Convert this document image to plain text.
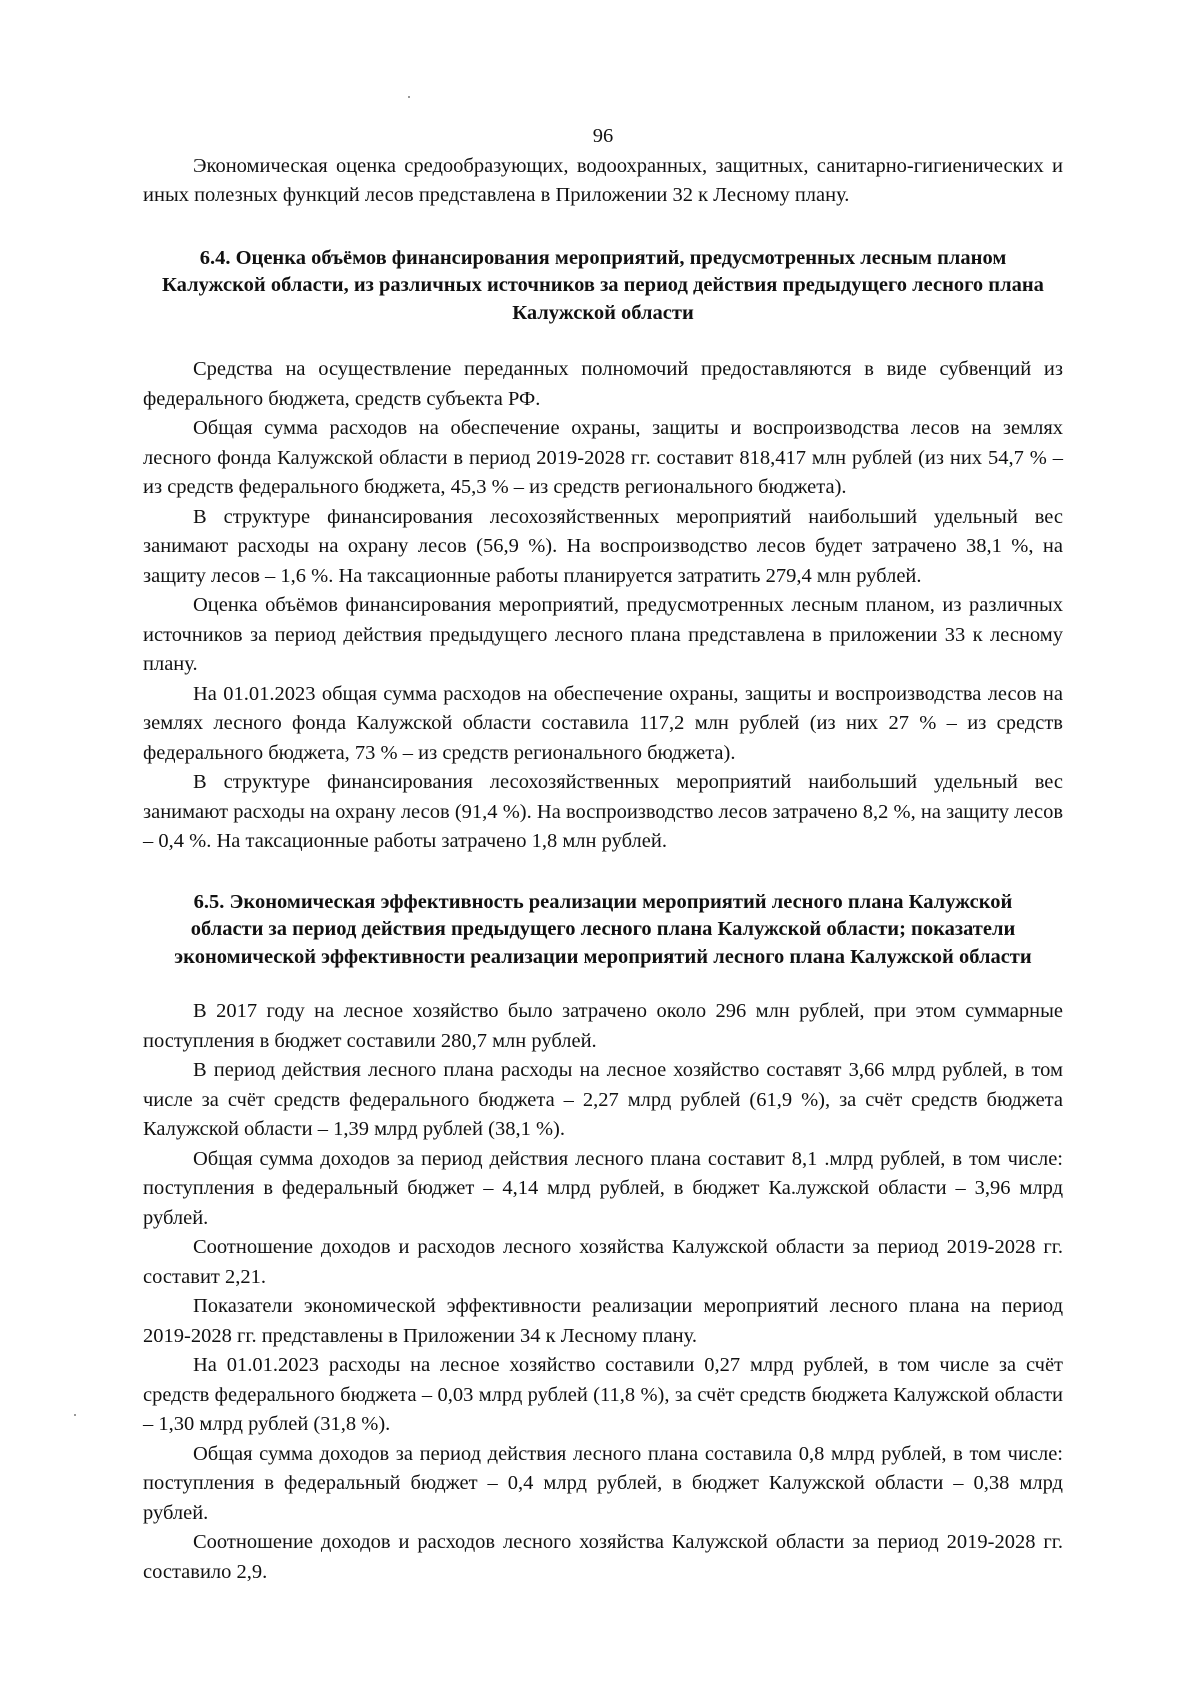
96

Экономическая оценка средообразующих, водоохранных, защитных, санитарно-гигиенических и иных полезных функций лесов представлена в Приложении 32 к Лесному плану.

6.4. Оценка объёмов финансирования мероприятий, предусмотренных лесным планом Калужской области, из различных источников за период действия предыдущего лесного плана Калужской области

Средства на осуществление переданных полномочий предоставляются в виде субвенций из федерального бюджета, средств субъекта РФ.

Общая сумма расходов на обеспечение охраны, защиты и воспроизводства лесов на землях лесного фонда Калужской области в период 2019-2028 гг. составит 818,417 млн рублей (из них 54,7 % – из средств федерального бюджета, 45,3 % – из средств регионального бюджета).

В структуре финансирования лесохозяйственных мероприятий наибольший удельный вес занимают расходы на охрану лесов (56,9 %). На воспроизводство лесов будет затрачено 38,1 %, на защиту лесов – 1,6 %. На таксационные работы планируется затратить 279,4 млн рублей.

Оценка объёмов финансирования мероприятий, предусмотренных лесным планом, из различных источников за период действия предыдущего лесного плана представлена в приложении 33 к лесному плану.

На 01.01.2023 общая сумма расходов на обеспечение охраны, защиты и воспроизводства лесов на землях лесного фонда Калужской области составила 117,2 млн рублей (из них 27 % – из средств федерального бюджета, 73 % – из средств регионального бюджета).

В структуре финансирования лесохозяйственных мероприятий наибольший удельный вес занимают расходы на охрану лесов (91,4 %). На воспроизводство лесов затрачено 8,2 %, на защиту лесов – 0,4 %. На таксационные работы затрачено 1,8 млн рублей.

6.5. Экономическая эффективность реализации мероприятий лесного плана Калужской области за период действия предыдущего лесного плана Калужской области; показатели экономической эффективности реализации мероприятий лесного плана Калужской области

В 2017 году на лесное хозяйство было затрачено около 296 млн рублей, при этом суммарные поступления в бюджет составили 280,7 млн рублей.

В период действия лесного плана расходы на лесное хозяйство составят 3,66 млрд рублей, в том числе за счёт средств федерального бюджета – 2,27 млрд рублей (61,9 %), за счёт средств бюджета Калужской области – 1,39 млрд рублей (38,1 %).

Общая сумма доходов за период действия лесного плана составит 8,1 .млрд рублей, в том числе: поступления в федеральный бюджет – 4,14 млрд рублей, в бюджет Ка.лужской области – 3,96 млрд рублей.

Соотношение доходов и расходов лесного хозяйства Калужской области за период 2019-2028 гг. составит 2,21.

Показатели экономической эффективности реализации мероприятий лесного плана на период 2019-2028 гг. представлены в Приложении 34 к Лесному плану.

На 01.01.2023 расходы на лесное хозяйство составили 0,27 млрд рублей, в том числе за счёт средств федерального бюджета – 0,03 млрд рублей (11,8 %), за счёт средств бюджета Калужской области – 1,30 млрд рублей (31,8 %).

Общая сумма доходов за период действия лесного плана составила 0,8 млрд рублей, в том числе: поступления в федеральный бюджет – 0,4 млрд рублей, в бюджет Калужской области – 0,38 млрд рублей.

Соотношение доходов и расходов лесного хозяйства Калужской области за период 2019-2028 гг. составило 2,9.
